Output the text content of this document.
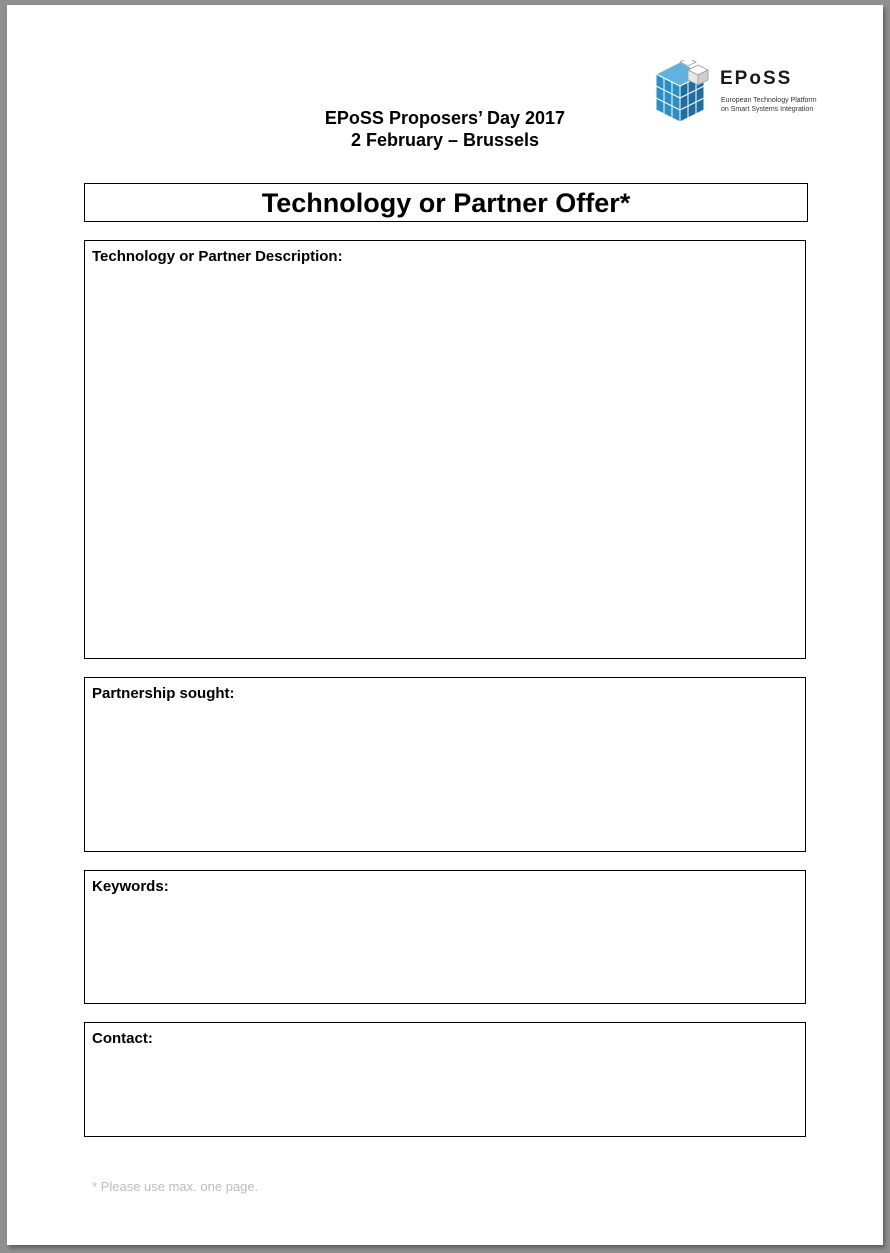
EPoSS
European Technology Platform
on Smart Systems Integration
EPoSS Proposers’ Day 2017
2 February – Brussels
Technology or Partner Offer*
Technology or Partner Description:
Partnership sought:
Keywords:
Contact:
* Please use max. one page.
